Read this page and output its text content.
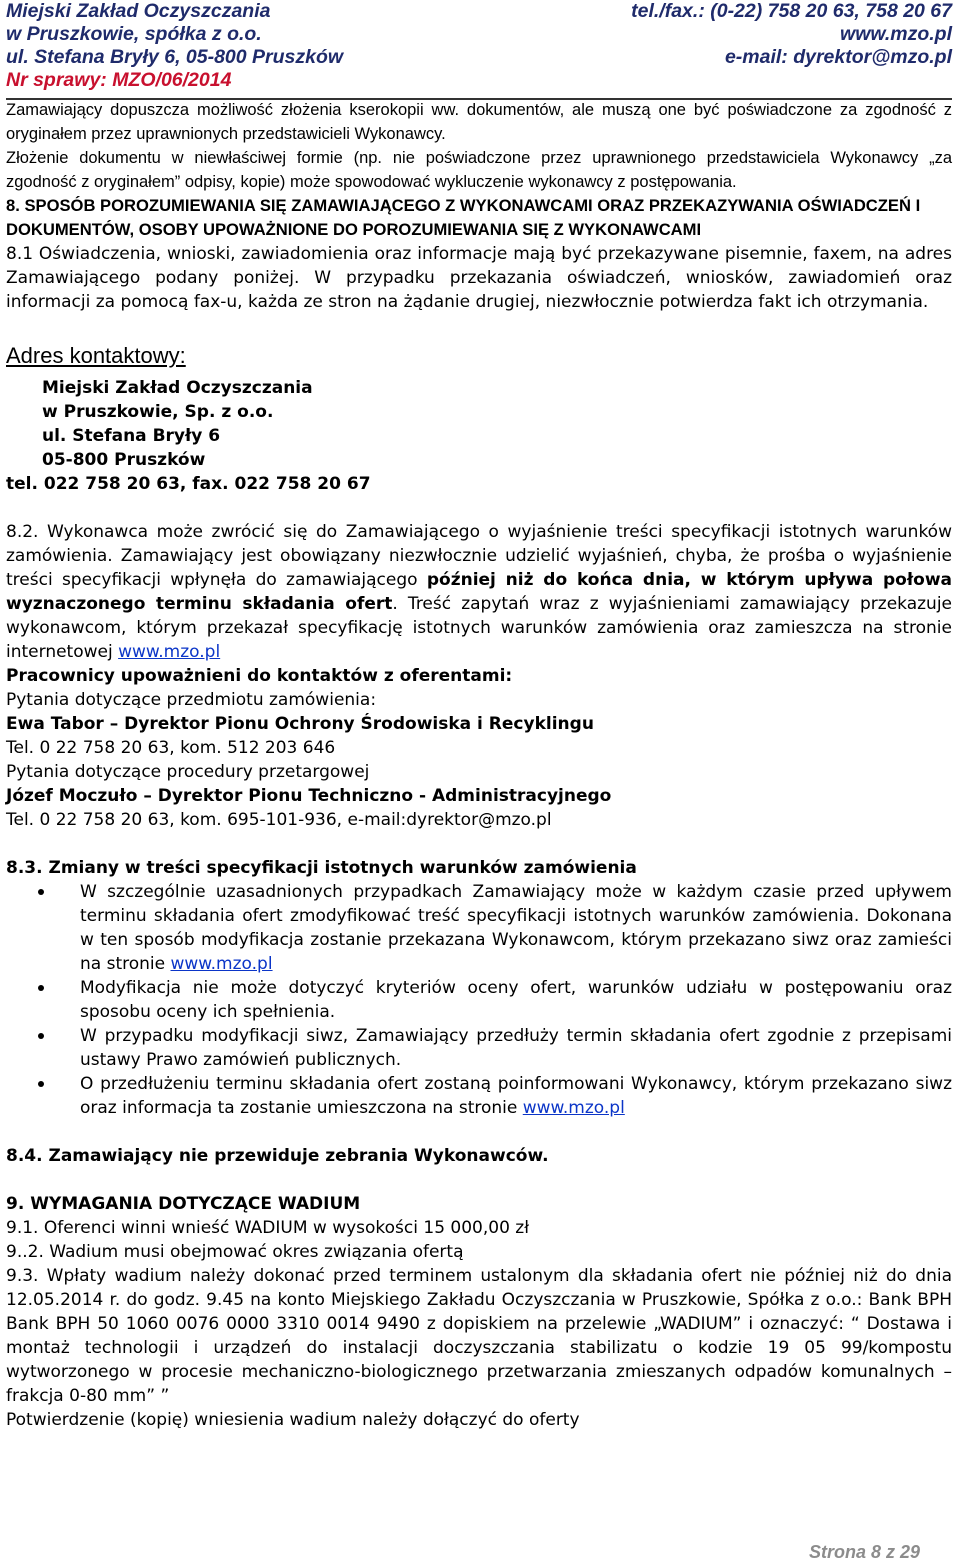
Miejski Zakład Oczyszczania	tel./fax.: (0-22) 758 20 63, 758 20 67
w Pruszkowie, spółka z o.o.	www.mzo.pl
ul. Stefana Bryły 6, 05-800 Pruszków	e-mail: dyrektor@mzo.pl
Nr sprawy: MZO/06/2014

Zamawiający dopuszcza możliwość złożenia kserokopii ww. dokumentów, ale muszą one być poświadczone za zgodność z oryginałem przez uprawnionych przedstawicieli Wykonawcy.

Złożenie dokumentu w niewłaściwej formie (np. nie poświadczone przez uprawnionego przedstawiciela Wykonawcy „za zgodność z oryginałem” odpisy, kopie) może spowodować wykluczenie wykonawcy z postępowania.

8. SPOSÓB POROZUMIEWANIA SIĘ ZAMAWIAJĄCEGO Z WYKONAWCAMI ORAZ PRZEKAZYWANIA OŚWIADCZEŃ I DOKUMENTÓW, OSOBY UPOWAŻNIONE DO POROZUMIEWANIA SIĘ Z WYKONAWCAMI

8.1 Oświadczenia, wnioski, zawiadomienia oraz informacje mają być przekazywane pisemnie, faxem, na adres Zamawiającego podany poniżej. W przypadku przekazania oświadczeń, wniosków, zawiadomień oraz informacji za pomocą fax-u, każda ze stron na żądanie drugiej, niezwłocznie potwierdza fakt ich otrzymania.

Adres kontaktowy:
Miejski Zakład Oczyszczania
w Pruszkowie, Sp. z o.o.
ul. Stefana Bryły 6
05-800 Pruszków

tel. 022 758 20 63, fax. 022 758 20 67

8.2. Wykonawca może zwrócić się do Zamawiającego o wyjaśnienie treści specyfikacji istotnych warunków zamówienia. Zamawiający jest obowiązany niezwłocznie udzielić wyjaśnień, chyba, że prośba o wyjaśnienie treści specyfikacji wpłynęła do zamawiającego później niż do końca dnia, w którym upływa połowa wyznaczonego terminu składania ofert. Treść zapytań wraz z wyjaśnieniami zamawiający przekazuje wykonawcom, którym przekazał specyfikację istotnych warunków zamówienia oraz zamieszcza na stronie internetowej www.mzo.pl

Pracownicy upoważnieni do kontaktów z oferentami:

Pytania dotyczące przedmiotu zamówienia:

Ewa Tabor – Dyrektor Pionu Ochrony Środowiska i Recyklingu

Tel. 0 22 758 20 63, kom. 512 203 646

Pytania dotyczące procedury przetargowej

Józef Moczuło – Dyrektor Pionu Techniczno - Administracyjnego

Tel. 0 22 758 20 63, kom. 695-101-936, e-mail:dyrektor@mzo.pl

8.3. Zmiany w treści specyfikacji istotnych warunków zamówienia

W szczególnie uzasadnionych przypadkach Zamawiający może w każdym czasie przed upływem terminu składania ofert zmodyfikować treść specyfikacji istotnych warunków zamówienia. Dokonana w ten sposób modyfikacja zostanie przekazana Wykonawcom, którym przekazano siwz oraz zamieści na stronie www.mzo.pl
Modyfikacja nie może dotyczyć kryteriów oceny ofert, warunków udziału w postępowaniu oraz sposobu oceny ich spełnienia.
W przypadku modyfikacji siwz, Zamawiający przedłuży termin składania ofert zgodnie z przepisami ustawy Prawo zamówień publicznych.
O przedłużeniu terminu składania ofert zostaną poinformowani Wykonawcy, którym przekazano siwz oraz informacja ta zostanie umieszczona na stronie www.mzo.pl

8.4. Zamawiający nie przewiduje zebrania Wykonawców.

9. WYMAGANIA DOTYCZĄCE WADIUM

9.1. Oferenci winni wnieść WADIUM w wysokości 15 000,00 zł

9..2. Wadium musi obejmować okres związania ofertą

9.3. Wpłaty wadium należy dokonać przed terminem ustalonym dla składania ofert nie później niż do dnia 12.05.2014 r. do godz. 9.45 na konto Miejskiego Zakładu Oczyszczania w Pruszkowie, Spółka z o.o.: Bank BPH Bank BPH 50 1060 0076 0000 3310 0014 9490 z dopiskiem na przelewie „WADIUM” i oznaczyć: “ Dostawa i montaż technologii i urządzeń do instalacji doczyszczania stabilizatu o kodzie 19 05 99/kompostu wytworzonego w procesie mechaniczno-biologicznego przetwarzania zmieszanych odpadów komunalnych – frakcja 0-80 mm” ”

Potwierdzenie (kopię) wniesienia wadium należy dołączyć do oferty

Strona 8 z 29
